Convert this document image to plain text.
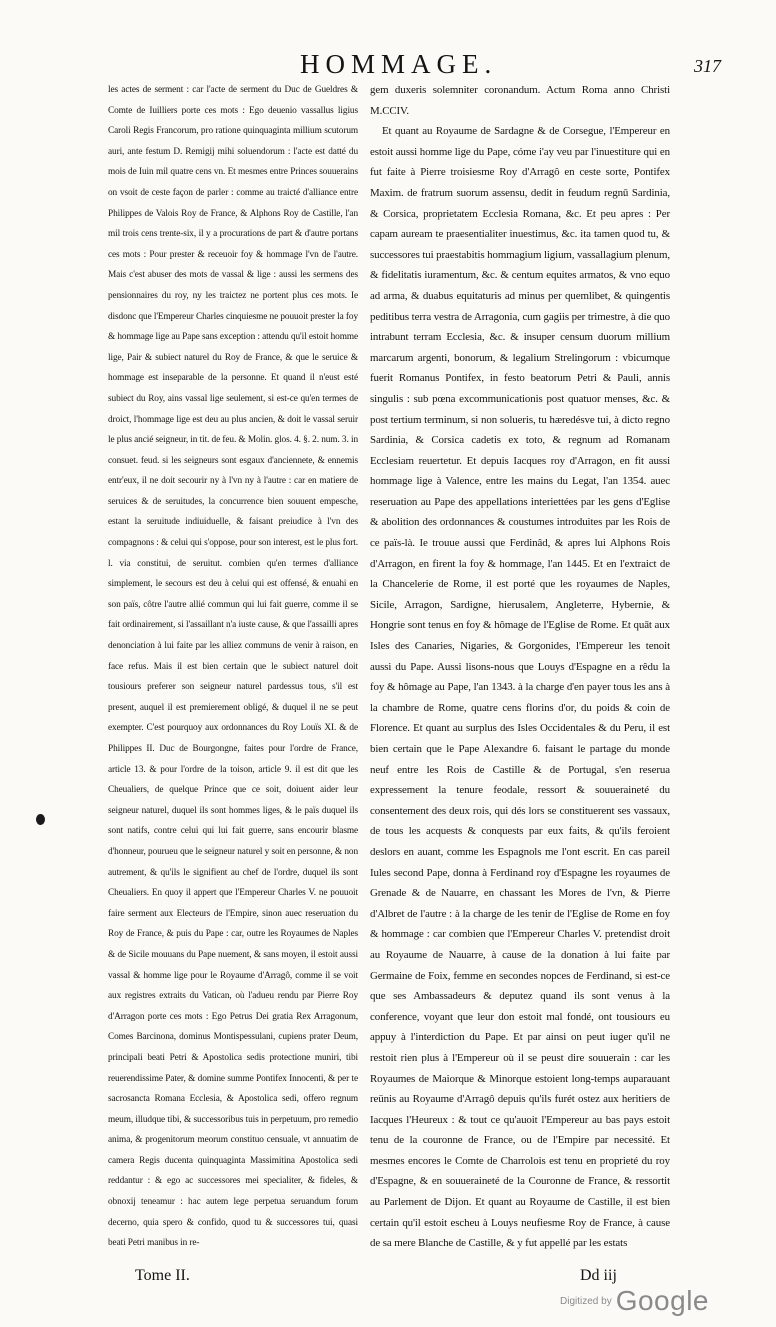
HOMMAGE.	317

les actes de serment : car l'acte de serment du Duc de Gueldres & Comte de Iuilliers porte ces mots : Ego deuenio vassallus ligius Caroli Regis Francorum, pro ratione quinquaginta millium scutorum auri, ante festum D. Remigij mihi soluendorum : l'acte est datté du mois de Iuin mil quatre cens vn. Et mesmes entre Princes souuerains on vsoit de ceste façon de parler : comme au traicté d'alliance entre Philippes de Valois Roy de France, & Alphons Roy de Castille, l'an mil trois cens trente-six, il y a procurations de part & d'autre portans ces mots : Pour prester & receuoir foy & hommage l'vn de l'autre. Mais c'est abuser des mots de vassal & lige : aussi les sermens des pensionnaires du roy, ny les traictez ne portent plus ces mots. Ie disdonc que l'Empereur Charles cinquiesme ne pouuoit prester la foy & hommage lige au Pape sans exception : attendu qu'il estoit homme lige, Pair & subiect naturel du Roy de France, & que le seruice & hommage est inseparable de la personne. Et quand il n'eust esté subiect du Roy, ains vassal lige seulement, si est-ce qu'en termes de droict, l'hommage lige est deu au plus ancien, & doit le vassal seruir le plus ancié seigneur, in tit. de feu. & Molin. glos. 4. §. 2. num. 3. in consuet. feud. si les seigneurs sont esgaux d'anciennete, & ennemis entr'eux, il ne doit secourir ny à l'vn ny à l'autre : car en matiere de seruices & de seruitudes, la concurrence bien souuent empesche, estant la seruitude indiuiduelle, & faisant preiudice à l'vn des compagnons : & celui qui s'oppose, pour son interest, est le plus fort. l. via constitui, de seruitut. combien qu'en termes d'alliance simplement, le secours est deu à celui qui est offensé, & enuahi en son païs, côtre l'autre allié commun qui lui fait guerre, comme il se fait ordinairement, si l'assaillant n'a iuste cause, & que l'assailli apres denonciation à lui faite par les alliez communs de venir à raison, en face refus. Mais il est bien certain que le subiect naturel doit tousiours preferer son seigneur naturel pardessus tous, s'il est present, auquel il est premierement obligé, & duquel il ne se peut exempter. C'est pourquoy aux ordonnances du Roy Louïs XI. & de Philippes II. Duc de Bourgongne, faites pour l'ordre de France, article 13. & pour l'ordre de la toison, article 9. il est dit que les Cheualiers, de quelque Prince que ce soit, doiuent aider leur seigneur naturel, duquel ils sont hommes liges, & le païs duquel ils sont natifs, contre celui qui lui fait guerre, sans encourir blasme d'honneur, pourueu que le seigneur naturel y soit en personne, & non autrement, & qu'ils le signifient au chef de l'ordre, duquel ils sont Cheualiers. En quoy il appert que l'Empereur Charles V. ne pouuoit faire serment aux Electeurs de l'Empire, sinon auec reseruation du Roy de France, & puis du Pape : car, outre les Royaumes de Naples & de Sicile mouuans du Pape nuement, & sans moyen, il estoit aussi vassal & homme lige pour le Royaume d'Arragô, comme il se voit aux registres extraits du Vatican, où l'adueu rendu par Pierre Roy d'Arragon porte ces mots : Ego Petrus Dei gratia Rex Arragonum, Comes Barcinona, dominus Montispessulani, cupiens prater Deum, principali beati Petri & Apostolica sedis protectione muniri, tibi reuerendissime Pater, & domine summe Pontifex Innocenti, & per te sacrosancta Romana Ecclesia, & Apostolica sedi, offero regnum meum, illudque tibi, & successoribus tuis in perpetuum, pro remedio anima, & progenitorum meorum constituo censuale, vt annuatim de camera Regis ducenta quinquaginta Massimitina Apostolica sedi reddantur : & ego ac successores mei specialiter, & fideles, & obnoxij teneamur : hac autem lege perpetua seruandum forum decerno, quia spero & confido, quod tu & successores tui, quasi beati Petri manibus in re-

gem duxeris solemniter coronandum. Actum Roma anno Christi M.CCIV.

Et quant au Royaume de Sardagne & de Corsegue, l'Empereur en estoit aussi homme lige du Pape, cóme i'ay veu par l'inuestiture qui en fut faite à Pierre troisiesme Roy d'Arragô en ceste sorte, Pontifex Maxim. de fratrum suorum assensu, dedit in feudum regnū Sardinia, & Corsica, proprietatem Ecclesia Romana, &c. Et peu apres : Per capam auream te praesentialiter inuestimus, &c. ita tamen quod tu, & successores tui praestabitis hommagium ligium, vassallagium plenum, & fidelitatis iuramentum, &c. & centum equites armatos, & vno equo ad arma, & duabus equitaturis ad minus per quemlibet, & quingentis peditibus terra vestra de Arragonia, cum gagiis per trimestre, à die quo intrabunt terram Ecclesia, &c. & insuper censum duorum millium marcarum argenti, bonorum, & legalium Strelingorum : vbicumque fuerit Romanus Pontifex, in festo beatorum Petri & Pauli, annis singulis : sub pœna excommunicationis post quatuor menses, &c. & post tertium terminum, si non solueris, tu hæredésve tui, à dicto regno Sardinia, & Corsica cadetis ex toto, & regnum ad Romanam Ecclesiam reuertetur. Et depuis Iacques roy d'Arragon, en fit aussi hommage lige à Valence, entre les mains du Legat, l'an 1354. auec reseruation au Pape des appellations interiettées par les gens d'Eglise & abolition des ordonnances & coustumes introduites par les Rois de ce païs-là. Ie trouue aussi que Ferdinâd, & apres lui Alphons Rois d'Arragon, en firent la foy & hommage, l'an 1445. Et en l'extraict de la Chancelerie de Rome, il est porté que les royaumes de Naples, Sicile, Arragon, Sardigne, hierusalem, Angleterre, Hybernie, & Hongrie sont tenus en foy & hômage de l'Eglise de Rome. Et quāt aux Isles des Canaries, Nigaries, & Gorgonides, l'Empereur les tenoit aussi du Pape. Aussi lisons-nous que Louys d'Espagne en a rêdu la foy & hômage au Pape, l'an 1343. à la charge d'en payer tous les ans à la chambre de Rome, quatre cens florins d'or, du poids & coin de Florence. Et quant au surplus des Isles Occidentales & du Peru, il est bien certain que le Pape Alexandre 6. faisant le partage du monde neuf entre les Rois de Castille & de Portugal, s'en reserua expressement la tenure feodale, ressort & souueraineté du consentement des deux rois, qui dés lors se constituerent ses vassaux, de tous les acquests & conquests par eux faits, & qu'ils feroient deslors en auant, comme les Espagnols me l'ont escrit. En cas pareil Iules second Pape, donna à Ferdinand roy d'Espagne les royaumes de Grenade & de Nauarre, en chassant les Mores de l'vn, & Pierre d'Albret de l'autre : à la charge de les tenir de l'Eglise de Rome en foy & hommage : car combien que l'Empereur Charles V. pretendist droit au Royaume de Nauarre, à cause de la donation à lui faite par Germaine de Foix, femme en secondes nopces de Ferdinand, si est-ce que ses Ambassadeurs & deputez quand ils sont venus à la conference, voyant que leur don estoit mal fondé, ont tousiours eu appuy à l'interdiction du Pape. Et par ainsi on peut iuger qu'il ne restoit rien plus à l'Empereur où il se peust dire souuerain : car les Royaumes de Maiorque & Minorque estoient long-temps auparauant reünis au Royaume d'Arragô depuis qu'ils furét ostez aux heritiers de Iacques l'Heureux : & tout ce qu'auoit l'Empereur au bas pays estoit tenu de la couronne de France, ou de l'Empire par necessité. Et mesmes encores le Comte de Charrolois est tenu en proprieté du roy d'Espagne, & en souueraineté de la Couronne de France, & ressortit au Parlement de Dijon. Et quant au Royaume de Castille, il est bien certain qu'il estoit escheu à Louys neufiesme Roy de France, à cause de sa mere Blanche de Castille, & y fut appellé par les estats

Tome II.	Dd iij
Digitized by Google
